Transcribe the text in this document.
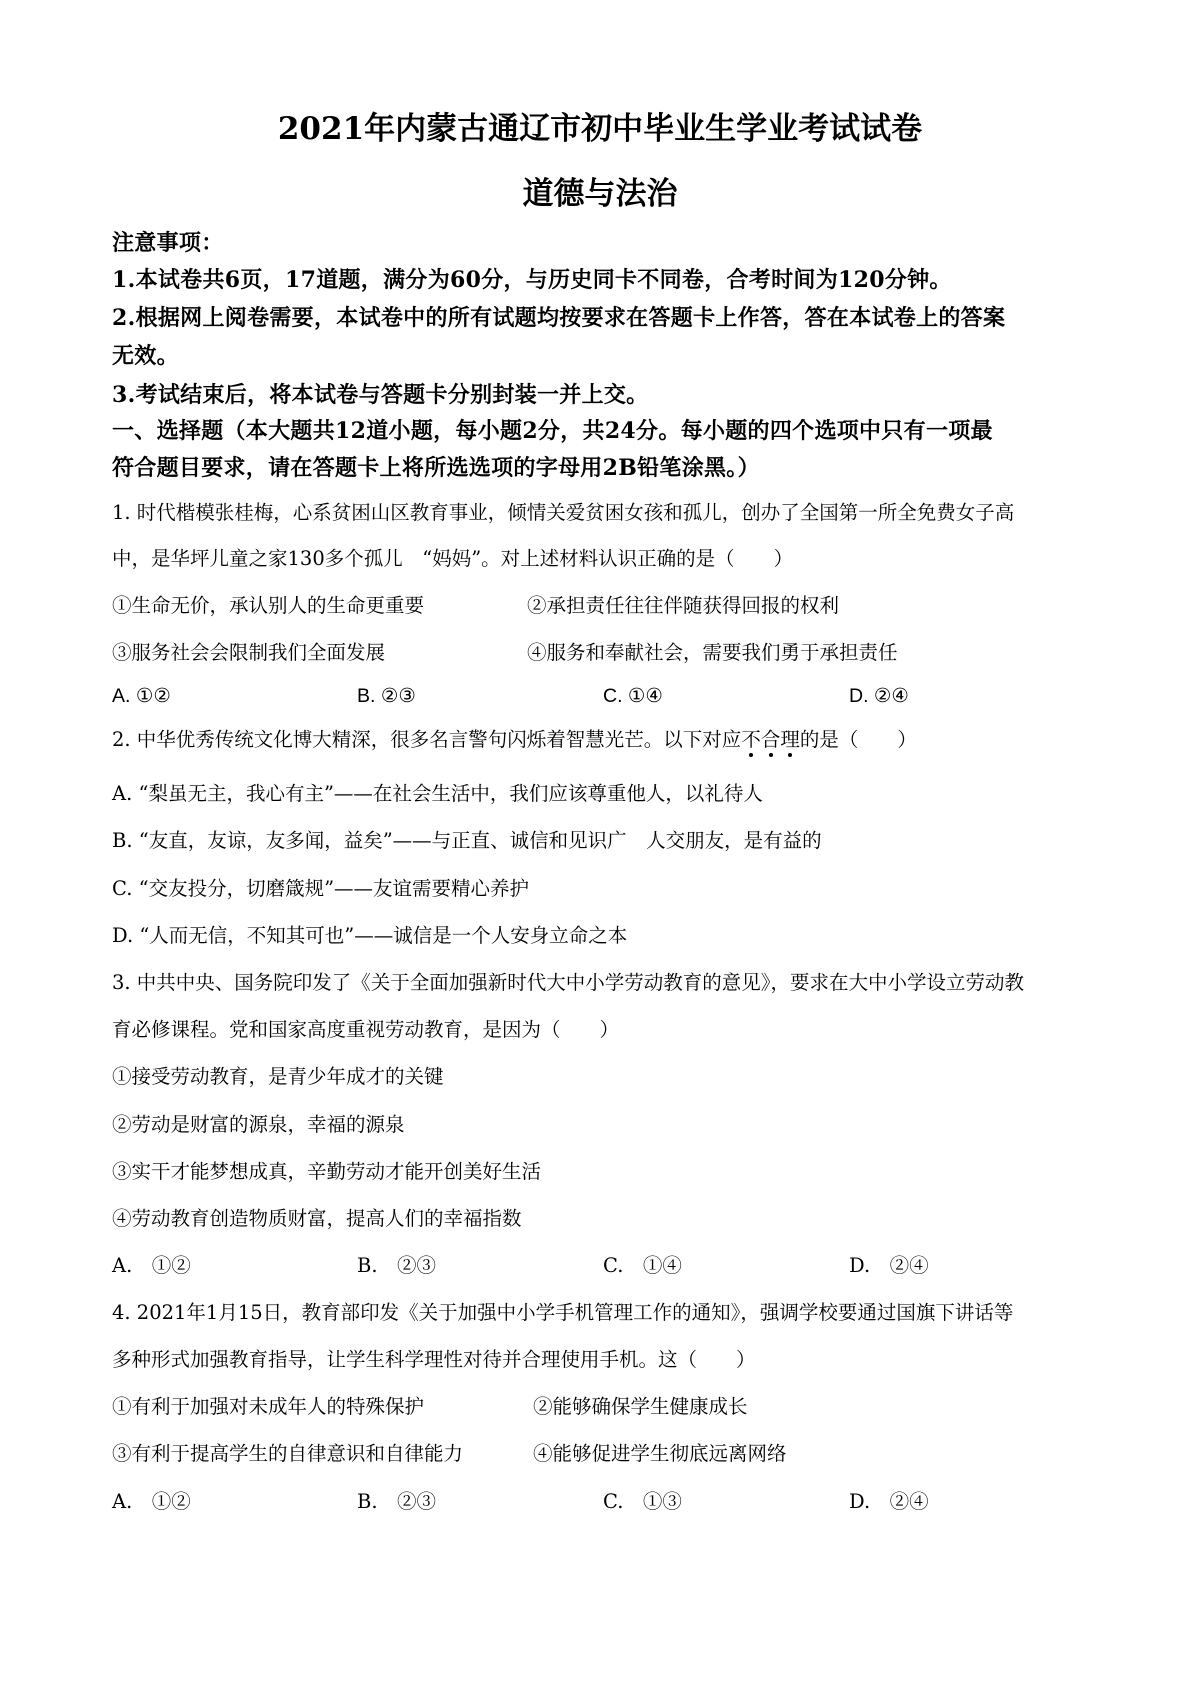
2021年内蒙古通辽市初中毕业生学业考试试卷
道德与法治
注意事项：
1.本试卷共6页，17道题，满分为60分，与历史同卡不同卷，合考时间为120分钟。
2.根据网上阅卷需要，本试卷中的所有试题均按要求在答题卡上作答，答在本试卷上的答案
无效。
3.考试结束后，将本试卷与答题卡分别封装一并上交。
一、选择题（本大题共12道小题，每小题2分，共24分。每小题的四个选项中只有一项最
符合题目要求，请在答题卡上将所选选项的字母用2B铅笔涂黑。）
1. 时代楷模张桂梅，心系贫困山区教育事业，倾情关爱贫困女孩和孤儿，创办了全国第一所全免费女子高
中，是华坪儿童之家130多个孤儿　“妈妈”。对上述材料认识正确的是（　　）
①生命无价，承认别人的生命更重要	②承担责任往往伴随获得回报的权利
③服务社会会限制我们全面发展	④服务和奉献社会，需要我们勇于承担责任
A. ①②	B. ②③	C. ①④	D. ②④
2. 中华优秀传统文化博大精深，很多名言警句闪烁着智慧光芒。以下对应不合理的是（　　）
A. “梨虽无主，我心有主”——在社会生活中，我们应该尊重他人，以礼待人
B. “友直，友谅，友多闻，益矣”——与正直、诚信和见识广　人交朋友，是有益的
C. “交友投分，切磨箴规”——友谊需要精心养护
D. “人而无信，不知其可也”——诚信是一个人安身立命之本
3. 中共中央、国务院印发了《关于全面加强新时代大中小学劳动教育的意见》，要求在大中小学设立劳动教
育必修课程。党和国家高度重视劳动教育，是因为（　　）
①接受劳动教育，是青少年成才的关键
②劳动是财富的源泉，幸福的源泉
③实干才能梦想成真，辛勤劳动才能开创美好生活
④劳动教育创造物质财富，提高人们的幸福指数
A.　①②	B.　②③	C.　①④	D.　②④
4. 2021年1月15日，教育部印发《关于加强中小学手机管理工作的通知》，强调学校要通过国旗下讲话等
多种形式加强教育指导，让学生科学理性对待并合理使用手机。这（　　）
①有利于加强对未成年人的特殊保护	②能够确保学生健康成长
③有利于提高学生的自律意识和自律能力	④能够促进学生彻底远离网络
A.　①②	B.　②③	C.　①③	D.　②④
